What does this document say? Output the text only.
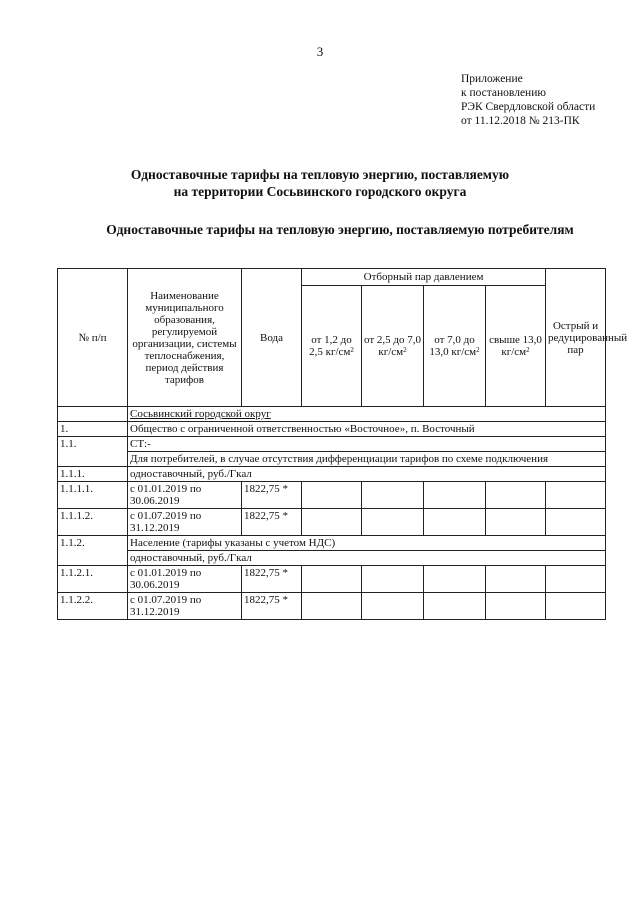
3
Приложение
к постановлению
РЭК Свердловской области
от 11.12.2018 № 213-ПК
Одноставочные тарифы на тепловую энергию, поставляемую
на территории Сосьвинского городского округа
Одноставочные тарифы на тепловую энергию, поставляемую потребителям
№ п/п	Наименование муниципального образования, регулируемой организации, системы теплоснабжения, период действия тарифов	Вода	Отборный пар давлением				Острый и редуцированный пар
			от 1,2 до 2,5 $кг/см^2$	от 2,5 до 7,0 $кг/см^2$	от 7,0 до 13,0 $кг/см^2$	свыше 13,0 $кг/см^2$
	Сосьвинский городской округ						
1.	Общество с ограниченной ответственностью «Восточное», п. Восточный						
1.1.	СТ:-						
	Для потребителей, в случае отсутствия дифференциации тарифов по схеме подключения						
1.1.1.	одноставочный, руб./Гкал						
1.1.1.1.	с 01.01.2019 по 30.06.2019	1822,75 *					
1.1.1.2.	с 01.07.2019 по 31.12.2019	1822,75 *					
1.1.2.	Население (тарифы указаны с учетом НДС)						
	одноставочный, руб./Гкал						
1.1.2.1.	с 01.01.2019 по 30.06.2019	1822,75 *					
1.1.2.2.	с 01.07.2019 по 31.12.2019	1822,75 *					
